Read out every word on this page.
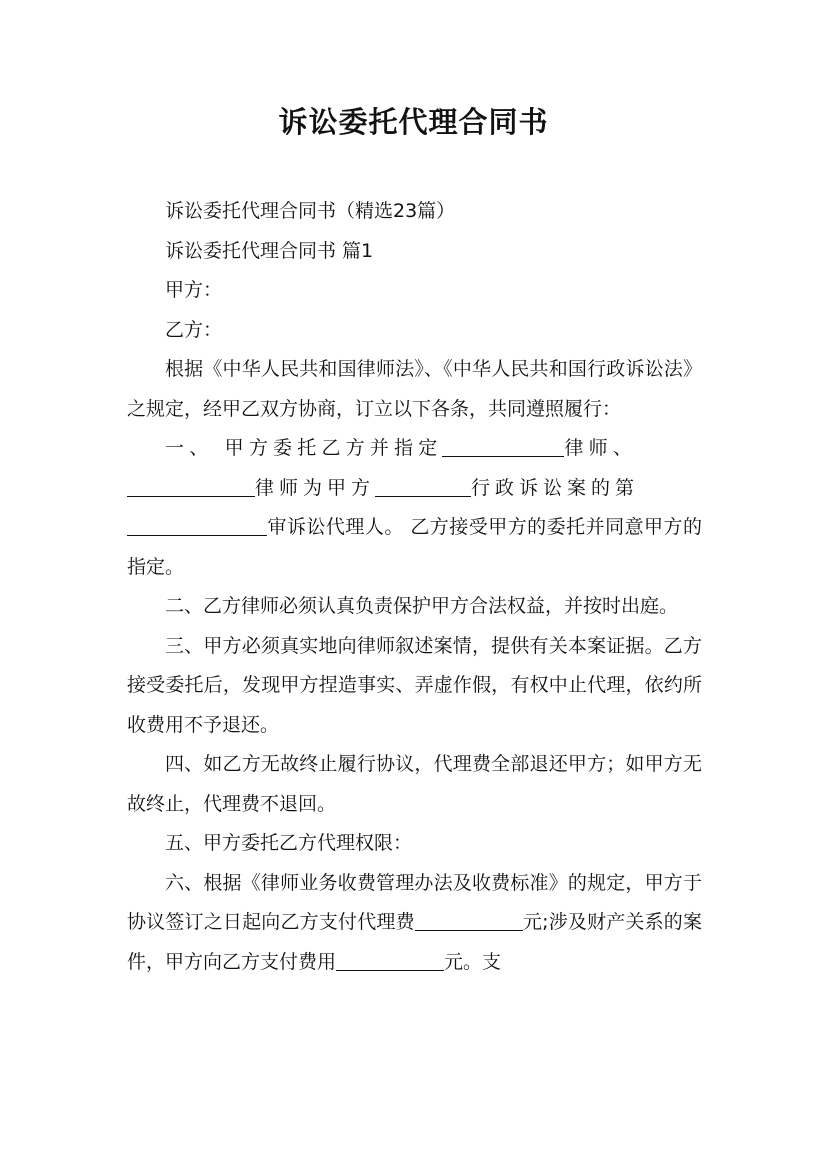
诉讼委托代理合同书

诉讼委托代理合同书（精选23篇）

诉讼委托代理合同书 篇1

甲方：

乙方：

根据《中华人民共和国律师法》、《中华人民共和国行政诉讼法》之规定，经甲乙双方协商，订立以下各条，共同遵照履行：

一、 甲方委托乙方并指定	律师、

律师为甲方	行政诉讼案的第

审诉讼代理人。 乙方接受甲方的委托并同意甲方的指定。

二、乙方律师必须认真负责保护甲方合法权益，并按时出庭。

三、甲方必须真实地向律师叙述案情，提供有关本案证据。乙方接受委托后，发现甲方捏造事实、弄虚作假，有权中止代理，依约所收费用不予退还。

四、如乙方无故终止履行协议，代理费全部退还甲方；如甲方无故终止，代理费不退回。

五、甲方委托乙方代理权限：

六、根据《律师业务收费管理办法及收费标准》的规定，甲方于协议签订之日起向乙方支付代理费	元;涉及财产关系的案件，甲方向乙方支付费用	元。支
